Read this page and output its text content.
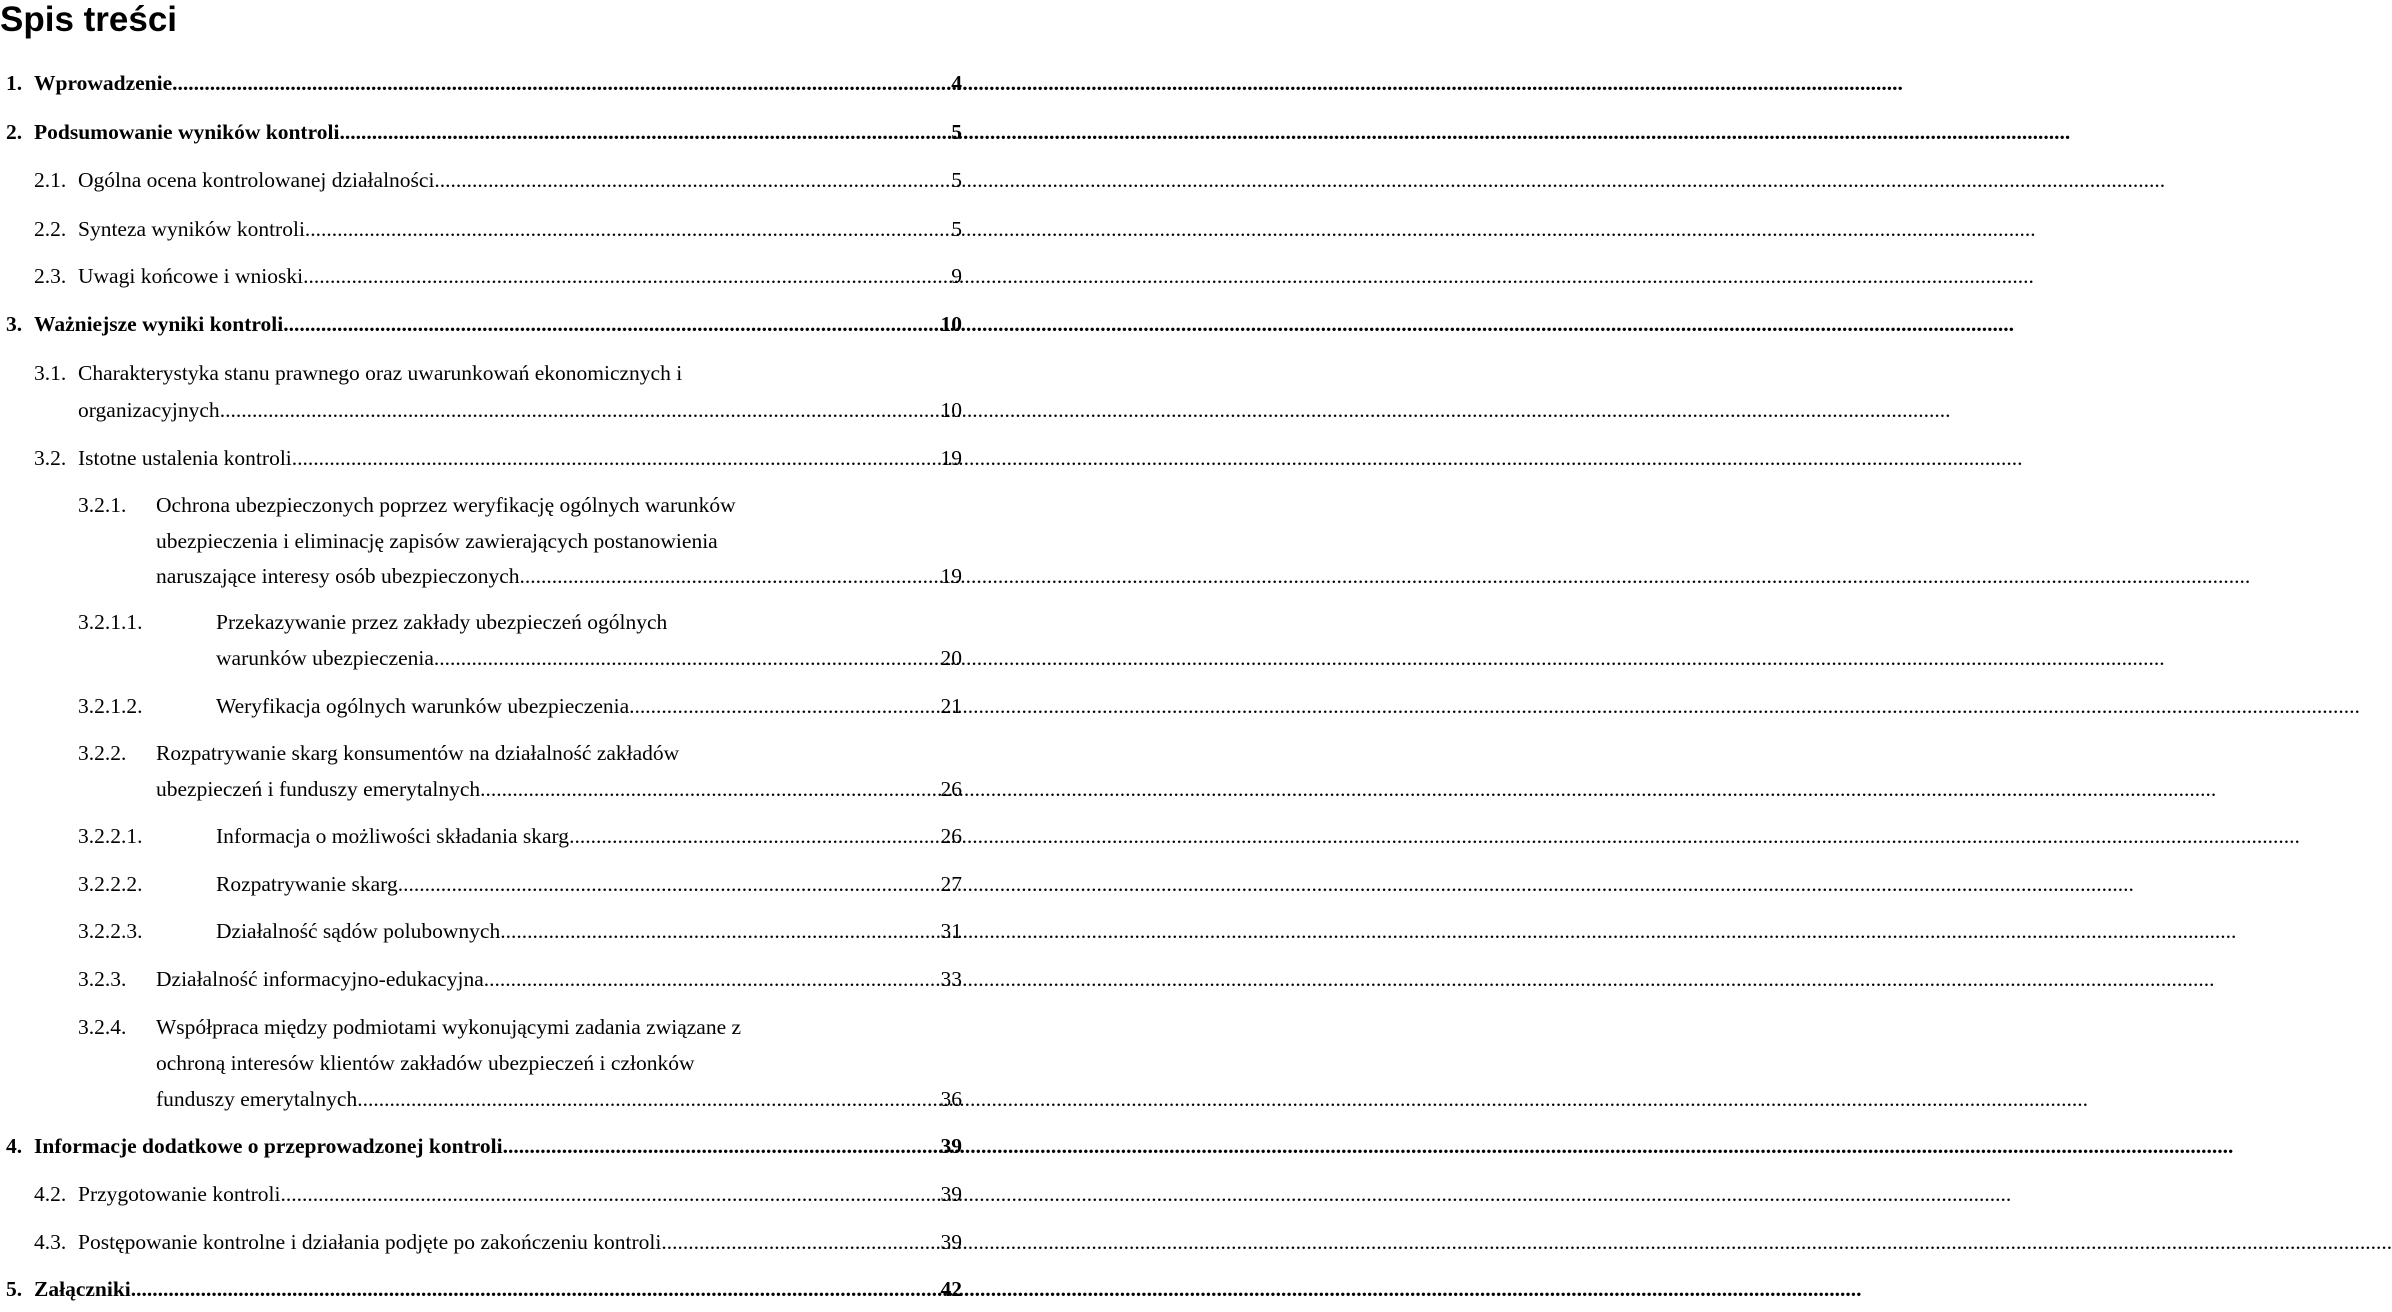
Spis treści
1. Wprowadzenie .....	4
2. Podsumowanie wyników kontroli .....	5
2.1. Ogólna ocena kontrolowanej działalności .....	5
2.2. Synteza wyników kontroli .....	5
2.3. Uwagi końcowe i wnioski .....	9
3. Ważniejsze wyniki kontroli .....	10
3.1. Charakterystyka stanu prawnego oraz uwarunkowań ekonomicznych i
organizacyjnych .....	10
3.2. Istotne ustalenia kontroli .....	19
3.2.1.	Ochrona ubezpieczonych poprzez weryfikację ogólnych warunków
ubezpieczenia i eliminację zapisów zawierających postanowienia
naruszające interesy osób ubezpieczonych .....	19
3.2.1.1.	Przekazywanie przez zakłady ubezpieczeń ogólnych
warunków ubezpieczenia .....	20
3.2.1.2.	Weryfikacja ogólnych warunków ubezpieczenia .....	21
3.2.2.	Rozpatrywanie skarg konsumentów na działalność zakładów
ubezpieczeń i funduszy emerytalnych. .....	26
3.2.2.1.	Informacja o możliwości składania skarg .....	26
3.2.2.2.	Rozpatrywanie skarg. .....	27
3.2.2.3.	Działalność sądów polubownych. .....	31
3.2.3.	Działalność informacyjno-edukacyjna .....	33
3.2.4.	Współpraca między podmiotami wykonującymi zadania związane z
ochroną interesów klientów zakładów ubezpieczeń i członków
funduszy emerytalnych .....	36
4. Informacje dodatkowe o przeprowadzonej kontroli .....	39
4.2. Przygotowanie kontroli .....	39
4.3. Postępowanie kontrolne i działania podjęte po zakończeniu kontroli .....	39
5. Załączniki .....	42
